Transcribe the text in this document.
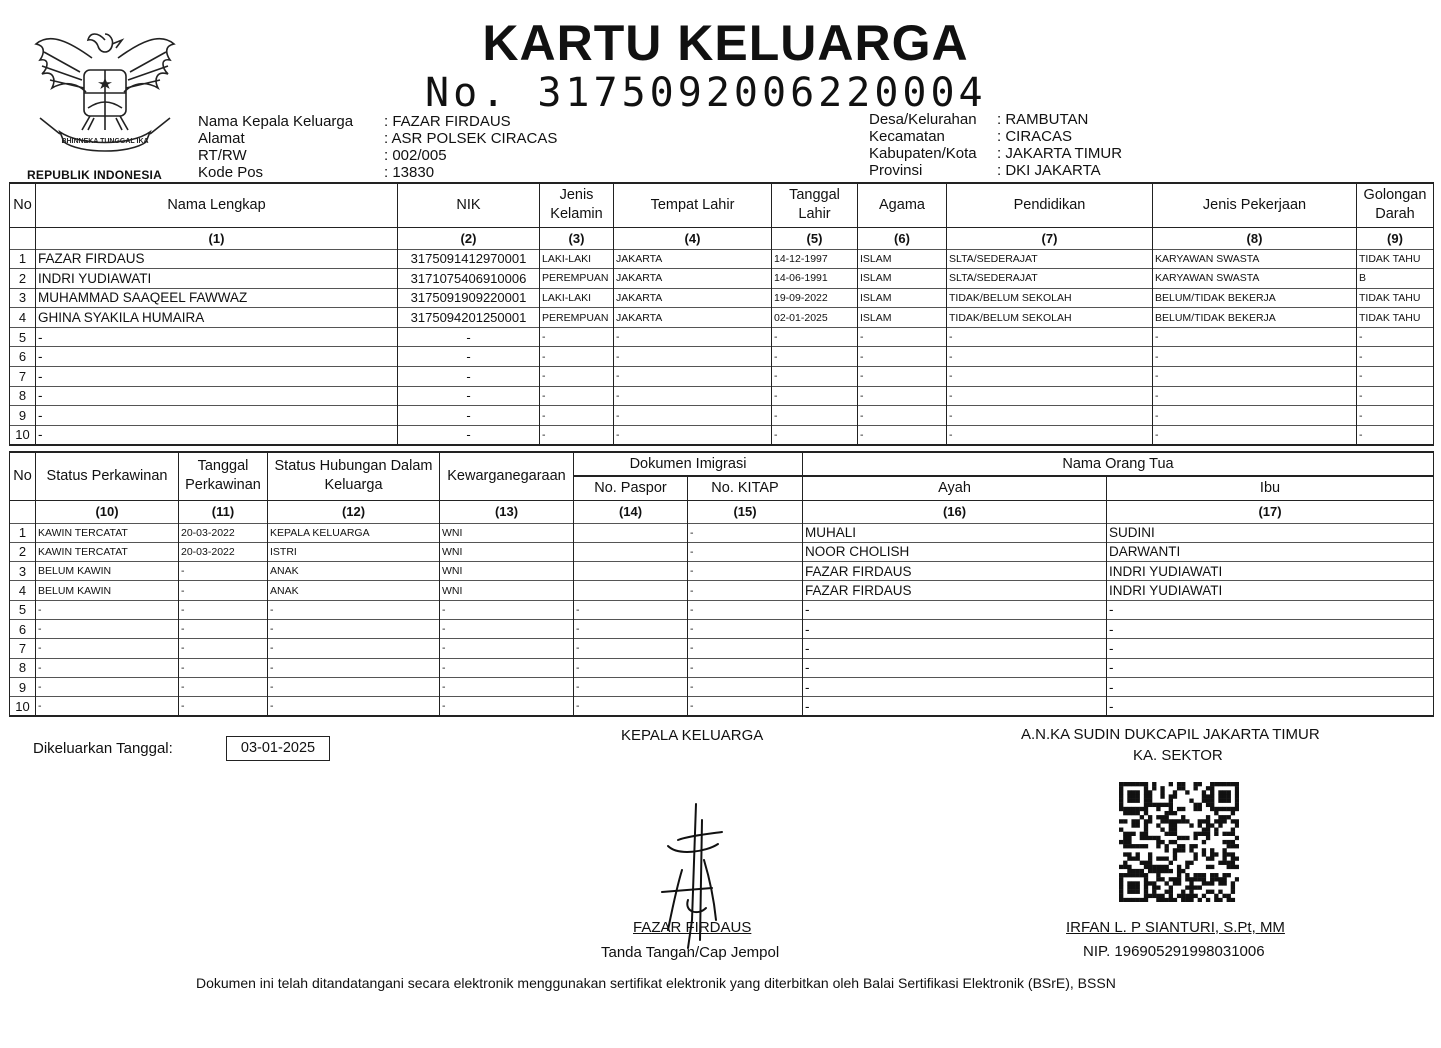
BHINNEKA TUNGGAL IKA
REPUBLIK INDONESIA
KARTU KELUARGA
No. 3175092006220004
Nama Kepala Keluarga	: FAZAR FIRDAUS
Alamat	: ASR POLSEK CIRACAS
RT/RW	: 002/005
Kode Pos	: 13830
Desa/Kelurahan	: RAMBUTAN
Kecamatan	: CIRACAS
Kabupaten/Kota	: JAKARTA TIMUR
Provinsi	: DKI JAKARTA
No	Nama Lengkap	NIK	Jenis Kelamin	Tempat Lahir	Tanggal Lahir	Agama	Pendidikan	Jenis Pekerjaan	Golongan Darah
	(1)	(2)	(3)	(4)	(5)	(6)	(7)	(8)	(9)
1	FAZAR FIRDAUS	3175091412970001	LAKI-LAKI	JAKARTA	14-12-1997	ISLAM	SLTA/SEDERAJAT	KARYAWAN SWASTA	TIDAK TAHU
2	INDRI YUDIAWATI	3171075406910006	PEREMPUAN	JAKARTA	14-06-1991	ISLAM	SLTA/SEDERAJAT	KARYAWAN SWASTA	B
3	MUHAMMAD SAAQEEL FAWWAZ	3175091909220001	LAKI-LAKI	JAKARTA	19-09-2022	ISLAM	TIDAK/BELUM SEKOLAH	BELUM/TIDAK BEKERJA	TIDAK TAHU
4	GHINA SYAKILA HUMAIRA	3175094201250001	PEREMPUAN	JAKARTA	02-01-2025	ISLAM	TIDAK/BELUM SEKOLAH	BELUM/TIDAK BEKERJA	TIDAK TAHU
5	-	-	-	-	-	-	-	-	-
6	-	-	-	-	-	-	-	-	-
7	-	-	-	-	-	-	-	-	-
8	-	-	-	-	-	-	-	-	-
9	-	-	-	-	-	-	-	-	-
10	-	-	-	-	-	-	-	-	-
No	Status Perkawinan	Tanggal Perkawinan	Status Hubungan Dalam Keluarga	Kewarganegaraan	Dokumen Imigrasi		Nama Orang Tua	
					No. Paspor	No. KITAP	Ayah	Ibu
	(10)	(11)	(12)	(13)	(14)	(15)	(16)	(17)
1	KAWIN TERCATAT	20-03-2022	KEPALA KELUARGA	WNI		-	MUHALI	SUDINI
2	KAWIN TERCATAT	20-03-2022	ISTRI	WNI		-	NOOR CHOLISH	DARWANTI
3	BELUM KAWIN	-	ANAK	WNI		-	FAZAR FIRDAUS	INDRI YUDIAWATI
4	BELUM KAWIN	-	ANAK	WNI		-	FAZAR FIRDAUS	INDRI YUDIAWATI
5	-	-	-	-	-	-	-	-
6	-	-	-	-	-	-	-	-
7	-	-	-	-	-	-	-	-
8	-	-	-	-	-	-	-	-
9	-	-	-	-	-	-	-	-
10	-	-	-	-	-	-	-	-
Dikeluarkan Tanggal:	03-01-2025
KEPALA KELUARGA	A.N.KA SUDIN DUKCAPIL JAKARTA TIMUR
KA. SEKTOR
FAZAR FIRDAUS
Tanda Tangan/Cap Jempol
IRFAN L. P SIANTURI, S.Pt, MM
NIP. 196905291998031006
Dokumen ini telah ditandatangani secara elektronik menggunakan sertifikat elektronik yang diterbitkan oleh Balai Sertifikasi Elektronik (BSrE), BSSN
